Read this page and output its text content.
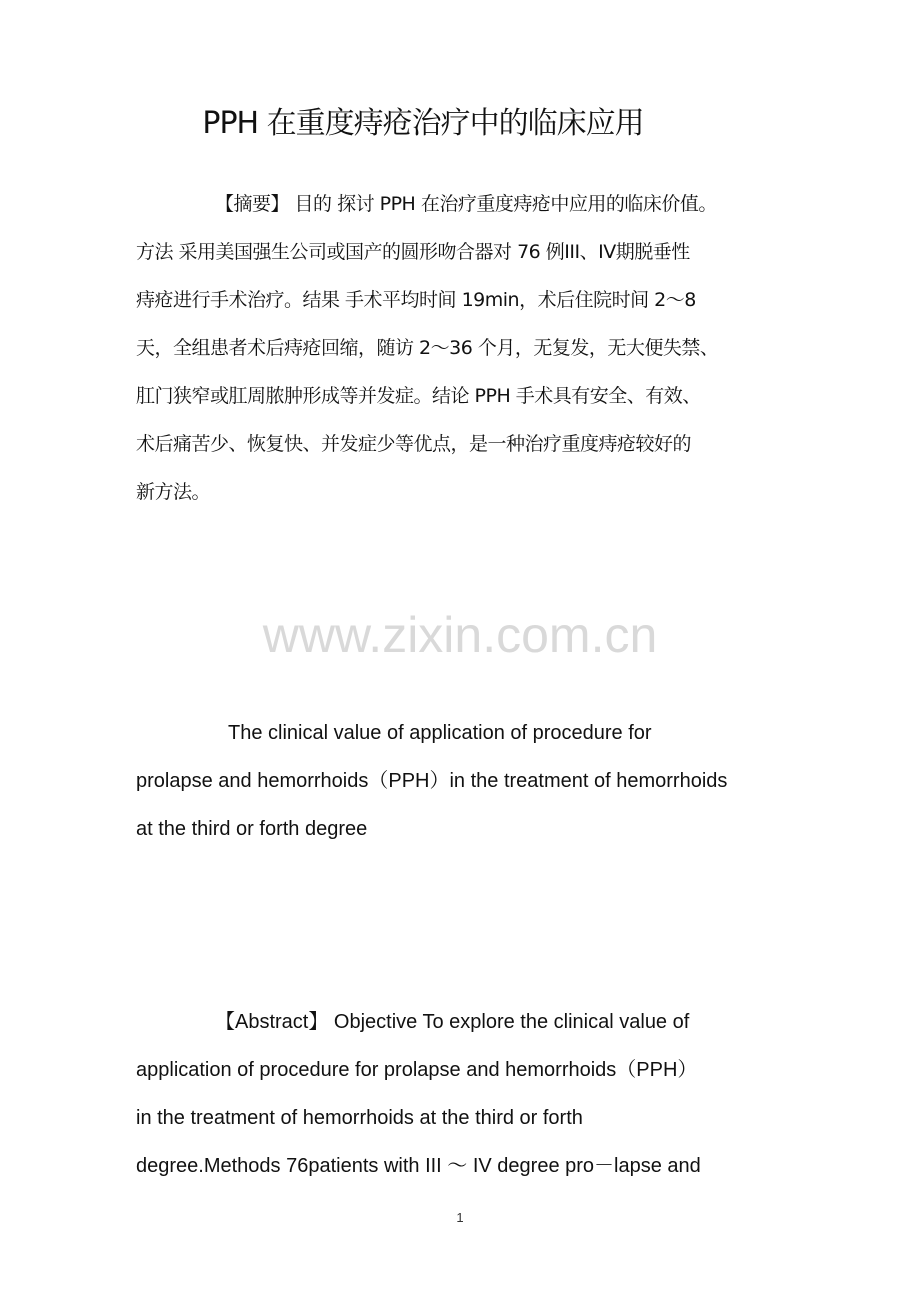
PPH 在重度痔疮治疗中的临床应用
【摘要】 目的 探讨 PPH 在治疗重度痔疮中应用的临床价值。
方法 采用美国强生公司或国产的圆形吻合器对 76 例III、IV期脱垂性
痔疮进行手术治疗。结果 手术平均时间 19min，术后住院时间 2～8
天，全组患者术后痔疮回缩，随访 2～36 个月，无复发，无大便失禁、
肛门狭窄或肛周脓肿形成等并发症。结论 PPH 手术具有安全、有效、
术后痛苦少、恢复快、并发症少等优点，是一种治疗重度痔疮较好的
新方法。
www.zixin.com.cn
The clinical value of application of procedure for
prolapse and hemorrhoids（PPH）in the treatment of hemorrhoids
at the third or forth degree
【Abstract】 Objective To explore the clinical value of
application of procedure for prolapse and hemorrhoids（PPH）
in the treatment of hemorrhoids at the third or forth
degree.Methods 76patients with III ～ IV degree pro－lapse and
1
